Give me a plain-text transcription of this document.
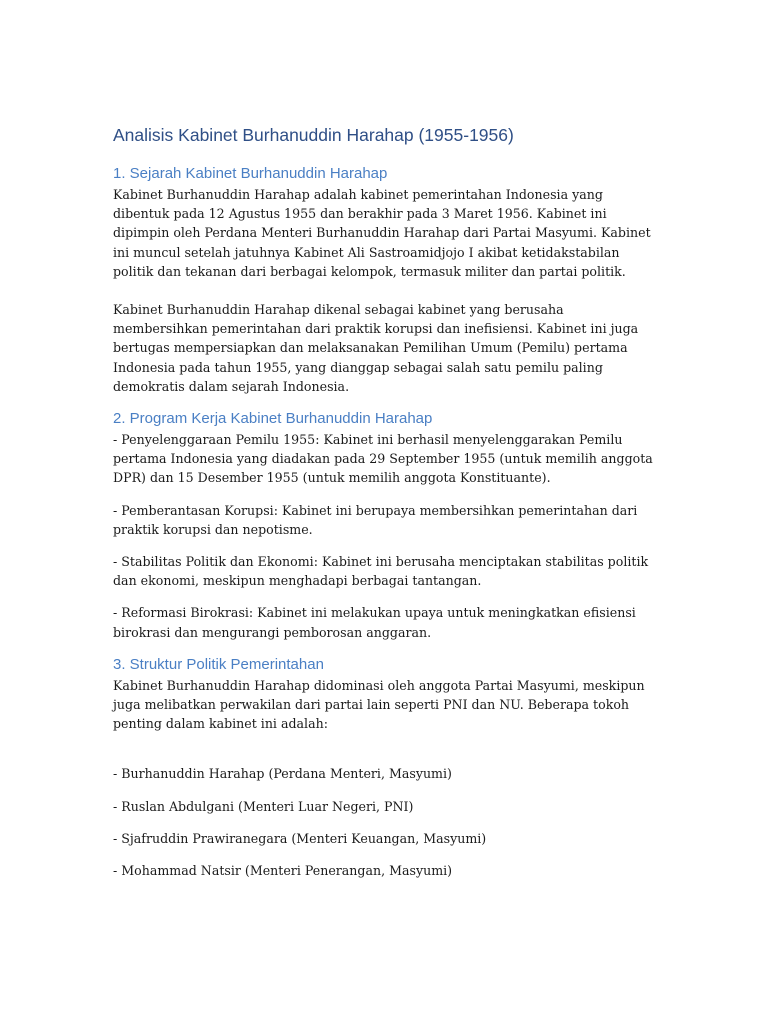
Analisis Kabinet Burhanuddin Harahap (1955-1956)
1. Sejarah Kabinet Burhanuddin Harahap

Kabinet Burhanuddin Harahap adalah kabinet pemerintahan Indonesia yang dibentuk pada 12 Agustus 1955 dan berakhir pada 3 Maret 1956. Kabinet ini dipimpin oleh Perdana Menteri Burhanuddin Harahap dari Partai Masyumi. Kabinet ini muncul setelah jatuhnya Kabinet Ali Sastroamidjojo I akibat ketidakstabilan politik dan tekanan dari berbagai kelompok, termasuk militer dan partai politik.

Kabinet Burhanuddin Harahap dikenal sebagai kabinet yang berusaha membersihkan pemerintahan dari praktik korupsi dan inefisiensi. Kabinet ini juga bertugas mempersiapkan dan melaksanakan Pemilihan Umum (Pemilu) pertama Indonesia pada tahun 1955, yang dianggap sebagai salah satu pemilu paling demokratis dalam sejarah Indonesia.

2. Program Kerja Kabinet Burhanuddin Harahap

- Penyelenggaraan Pemilu 1955: Kabinet ini berhasil menyelenggarakan Pemilu pertama Indonesia yang diadakan pada 29 September 1955 (untuk memilih anggota DPR) dan 15 Desember 1955 (untuk memilih anggota Konstituante).

- Pemberantasan Korupsi: Kabinet ini berupaya membersihkan pemerintahan dari praktik korupsi dan nepotisme.

- Stabilitas Politik dan Ekonomi: Kabinet ini berusaha menciptakan stabilitas politik dan ekonomi, meskipun menghadapi berbagai tantangan.

- Reformasi Birokrasi: Kabinet ini melakukan upaya untuk meningkatkan efisiensi birokrasi dan mengurangi pemborosan anggaran.

3. Struktur Politik Pemerintahan

Kabinet Burhanuddin Harahap didominasi oleh anggota Partai Masyumi, meskipun juga melibatkan perwakilan dari partai lain seperti PNI dan NU. Beberapa tokoh penting dalam kabinet ini adalah:

- Burhanuddin Harahap (Perdana Menteri, Masyumi)

- Ruslan Abdulgani (Menteri Luar Negeri, PNI)

- Sjafruddin Prawiranegara (Menteri Keuangan, Masyumi)

- Mohammad Natsir (Menteri Penerangan, Masyumi)
